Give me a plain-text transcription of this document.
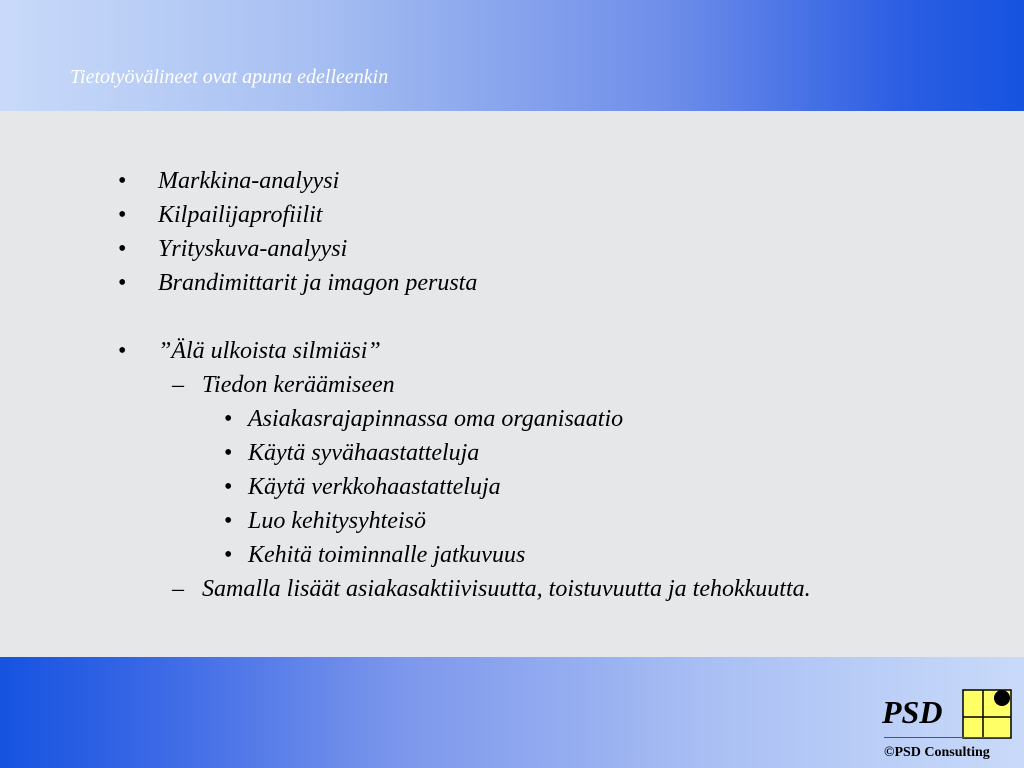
Tietotyövälineet ovat apuna edelleenkin
• Markkina-analyysi
• Kilpailijaprofiilit
• Yrityskuva-analyysi
• Brandimittarit ja imagon perusta
• ”Älä ulkoista silmiäsi”
– Tiedon keräämiseen
• Asiakasrajapinnassa oma organisaatio
• Käytä syvähaastatteluja
• Käytä verkkohaastatteluja
• Luo kehitysyhteisö
• Kehitä toiminnalle jatkuvuus
– Samalla lisäät asiakasaktiivisuutta, toistuvuutta ja tehokkuutta.
PSD
©PSD Consulting
